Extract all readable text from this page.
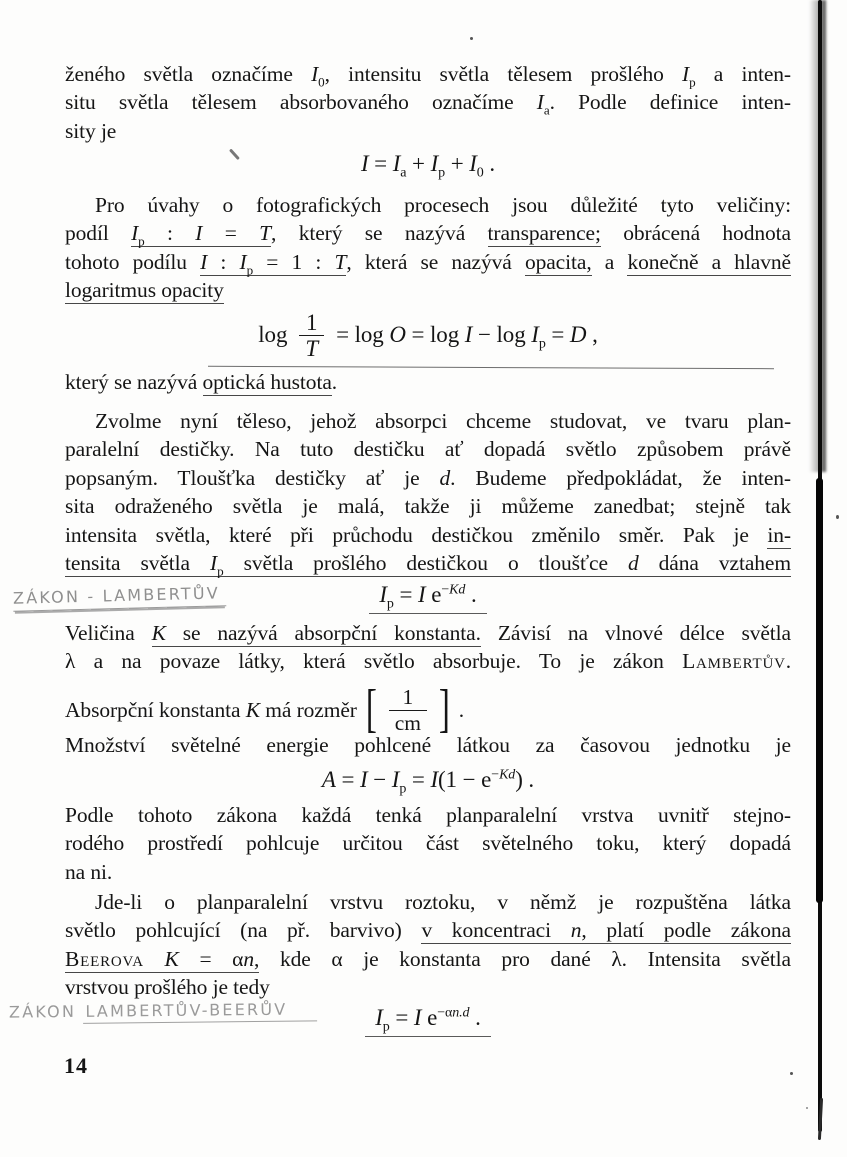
ženého světla označíme $I_0$, intensitu světla tělesem prošlého $I_p$ a inten-
situ světla tělesem absorbovaného označíme $I_a$. Podle definice inten-
sity je
$I = I_a + I_p + I_0$ .
Pro úvahy o fotografických procesech jsou důležité tyto veličiny:
podíl $I_p$ : I = T, který se nazývá transparence; obrácená hodnota
tohoto podílu I : $I_p = 1$ : T, která se nazývá opacita, a konečně a hlavně
logaritmus opacity
$\log \frac{1}{T} = \log O = \log I - \log I_p = D$ ,
který se nazývá optická hustota.
Zvolme nyní těleso, jehož absorpci chceme studovat, ve tvaru plan-
paralelní destičky. Na tuto destičku ať dopadá světlo způsobem právě
popsaným. Tloušťka destičky ať je d. Budeme předpokládat, že inten-
sita odraženého světla je malá, takže ji můžeme zanedbat; stejně tak
intensita světla, které při průchodu destičkou změnilo směr. Pak je in-
tensita světla $I_p$ světla prošlého destičkou o tloušťce d dána vztahem
ZÁKON - LAMBERTŮV	$I_p = I$ $e^{-Kd}$ .
Veličina K se nazývá absorpční konstanta. Závisí na vlnové délce světla
λ a na povaze látky, která světlo absorbuje. To je zákon Lambertův.
Absorpční konstanta K má rozměr [ $\frac{1}{cm}$ ] .
Množství světelné energie pohlcené látkou za časovou jednotku je
$A = I - I_p = I(1 - e^{-Kd})$ .
Podle tohoto zákona každá tenká planparalelní vrstva uvnitř stejno-
rodého prostředí pohlcuje určitou část světelného toku, který dopadá
na ni.
Jde-li o planparalelní vrstvu roztoku, v němž je rozpuštěna látka
světlo pohlcující (na př. barvivo) v koncentraci n, platí podle zákona
Beerova K = αn, kde α je konstanta pro dané λ. Intensita světla
vrstvou prošlého je tedy
ZÁKON LAMBERTŮV-BEERŮV	$I_p = I$ $e^{-\alpha n.d}$ .
14
